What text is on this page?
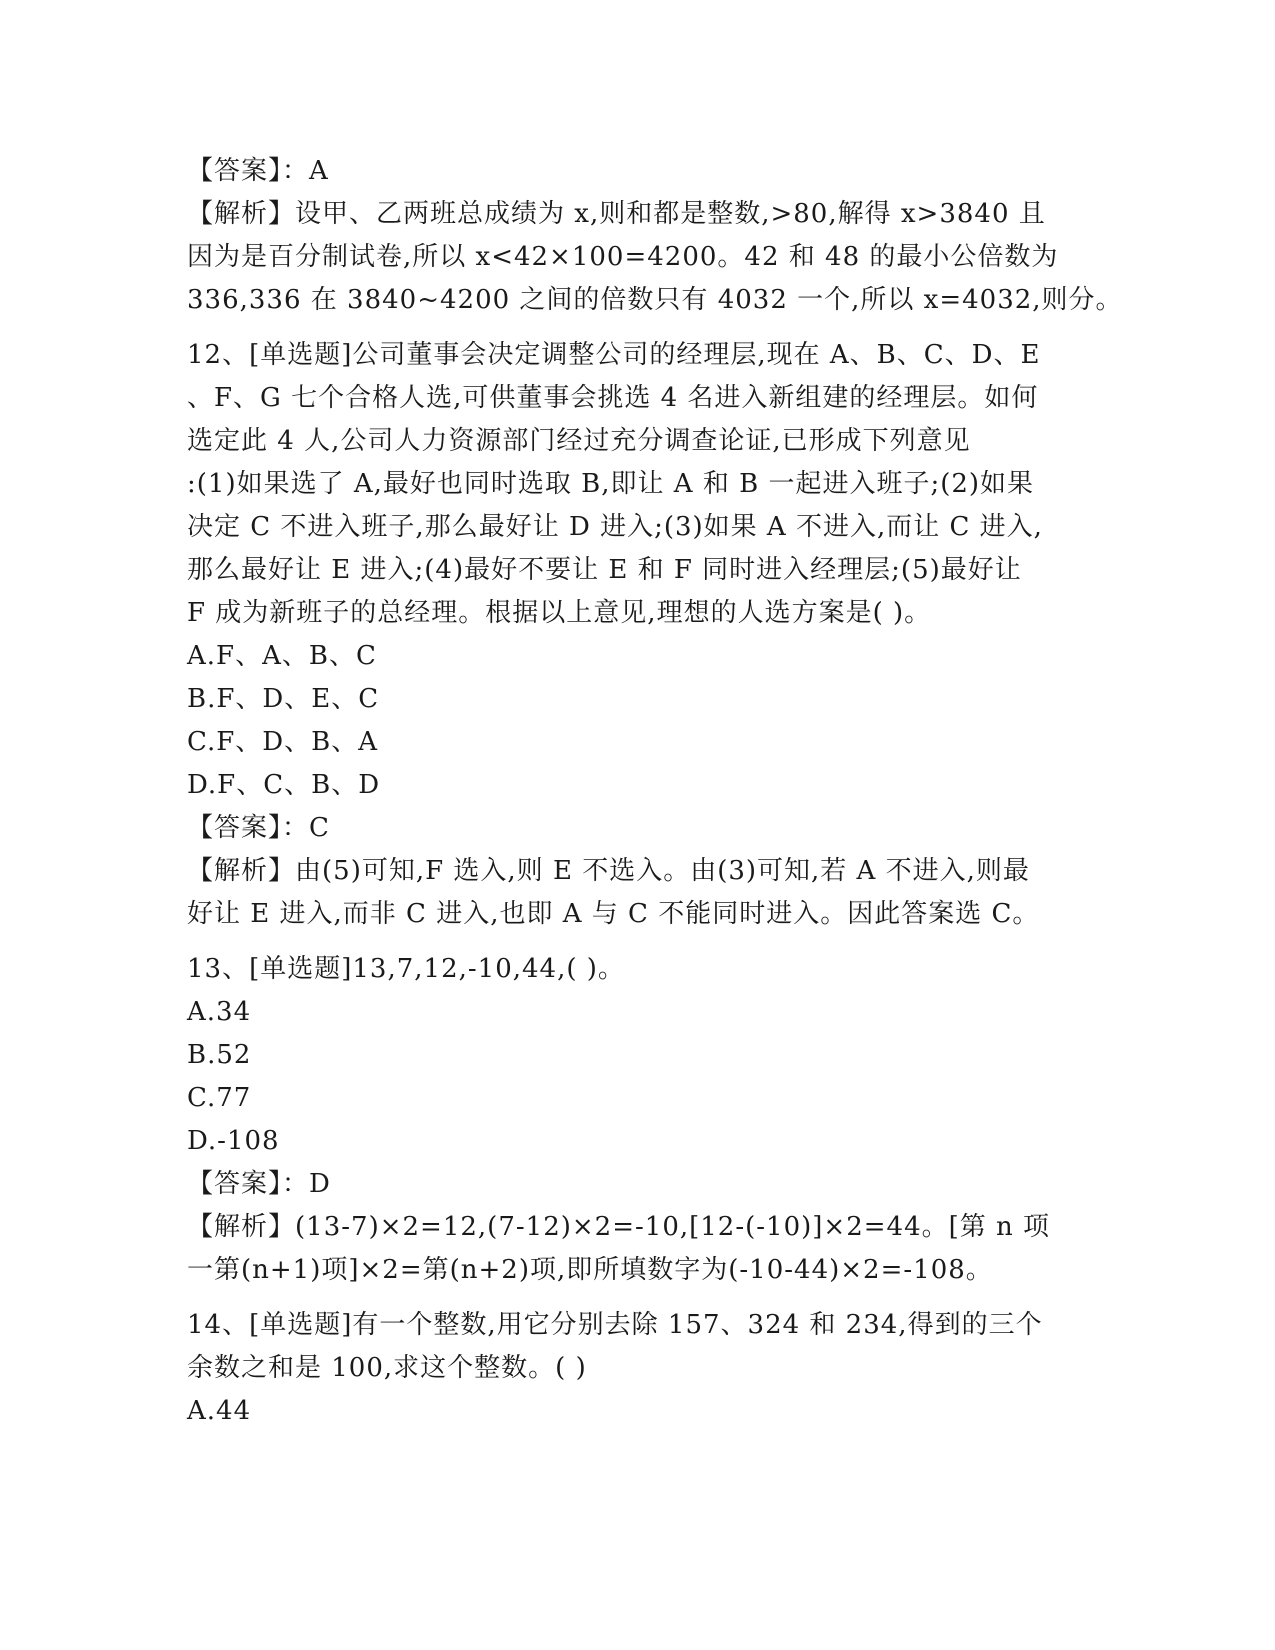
【答案】：A
【解析】设甲、乙两班总成绩为 x,则和都是整数,>80,解得 x>3840 且
因为是百分制试卷,所以 x<42×100=4200。42 和 48 的最小公倍数为
336,336 在 3840~4200 之间的倍数只有 4032 一个,所以 x=4032,则分。
12、[单选题]公司董事会决定调整公司的经理层,现在 A、B、C、D、E
、F、G 七个合格人选,可供董事会挑选 4 名进入新组建的经理层。如何
选定此 4 人,公司人力资源部门经过充分调查论证,已形成下列意见
:(1)如果选了 A,最好也同时选取 B,即让 A 和 B 一起进入班子;(2)如果
决定 C 不进入班子,那么最好让 D 进入;(3)如果 A 不进入,而让 C 进入,
那么最好让 E 进入;(4)最好不要让 E 和 F 同时进入经理层;(5)最好让
F 成为新班子的总经理。根据以上意见,理想的人选方案是( )。
A.F、A、B、C
B.F、D、E、C
C.F、D、B、A
D.F、C、B、D
【答案】：C
【解析】由(5)可知,F 选入,则 E 不选入。由(3)可知,若 A 不进入,则最
好让 E 进入,而非 C 进入,也即 A 与 C 不能同时进入。因此答案选 C。
13、[单选题]13,7,12,-10,44,( )。
A.34
B.52
C.77
D.-108
【答案】：D
【解析】(13-7)×2=12,(7-12)×2=-10,[12-(-10)]×2=44。[第 n 项
一第(n+1)项]×2=第(n+2)项,即所填数字为(-10-44)×2=-108。
14、[单选题]有一个整数,用它分别去除 157、324 和 234,得到的三个
余数之和是 100,求这个整数。( )
A.44
